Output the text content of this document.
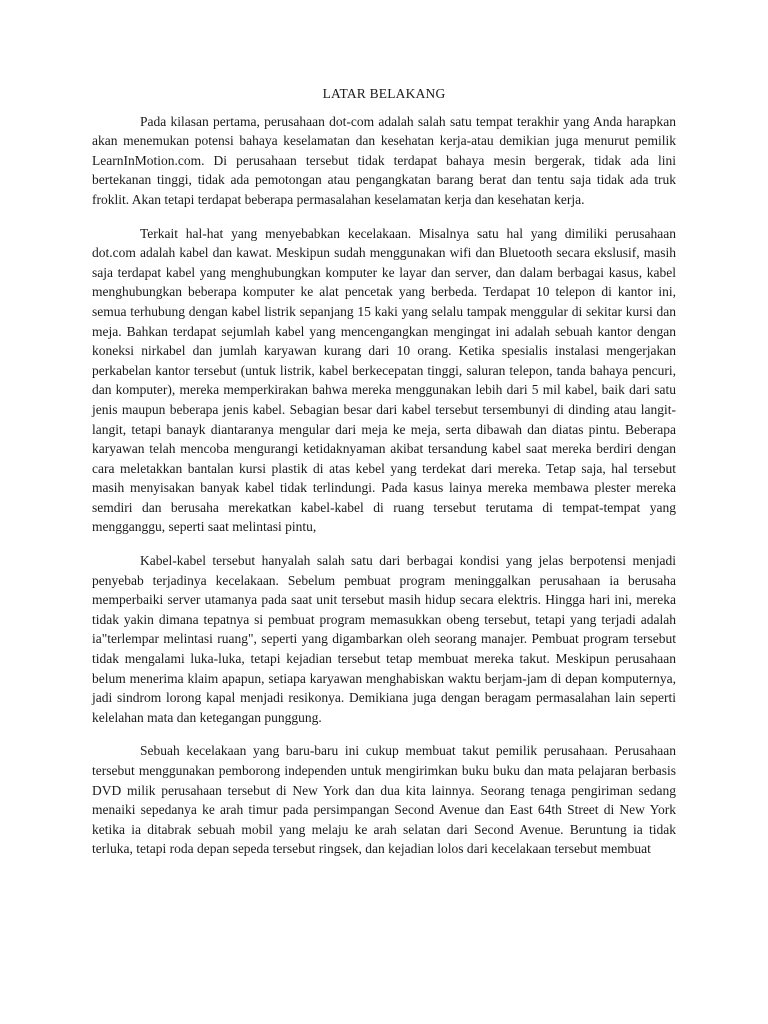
LATAR BELAKANG

Pada kilasan pertama, perusahaan dot-com adalah salah satu tempat terakhir yang Anda harapkan akan menemukan potensi bahaya keselamatan dan kesehatan kerja-atau demikian juga menurut pemilik LearnInMotion.com. Di perusahaan tersebut tidak terdapat bahaya mesin bergerak, tidak ada lini bertekanan tinggi, tidak ada pemotongan atau pengangkatan barang berat dan tentu saja tidak ada truk froklit. Akan tetapi terdapat beberapa permasalahan keselamatan kerja dan kesehatan kerja.

Terkait hal-hat yang menyebabkan kecelakaan. Misalnya satu hal yang dimiliki perusahaan dot.com adalah kabel dan kawat. Meskipun sudah menggunakan wifi dan Bluetooth secara ekslusif, masih saja terdapat kabel yang menghubungkan komputer ke layar dan server, dan dalam berbagai kasus, kabel menghubungkan beberapa komputer ke alat pencetak yang berbeda. Terdapat 10 telepon di kantor ini, semua terhubung dengan kabel listrik sepanjang 15 kaki yang selalu tampak menggular di sekitar kursi dan meja. Bahkan terdapat sejumlah kabel yang mencengangkan mengingat ini adalah sebuah kantor dengan koneksi nirkabel dan jumlah karyawan kurang dari 10 orang. Ketika spesialis instalasi mengerjakan perkabelan kantor tersebut (untuk listrik, kabel berkecepatan tinggi, saluran telepon, tanda bahaya pencuri, dan komputer), mereka memperkirakan bahwa mereka menggunakan lebih dari 5 mil kabel, baik dari satu jenis maupun beberapa jenis kabel. Sebagian besar dari kabel tersebut tersembunyi di dinding atau langit-langit, tetapi banayk diantaranya mengular dari meja ke meja, serta dibawah dan diatas pintu. Beberapa karyawan telah mencoba mengurangi ketidaknyaman akibat tersandung kabel saat mereka berdiri dengan cara meletakkan bantalan kursi plastik di atas kebel yang terdekat dari mereka. Tetap saja, hal tersebut masih menyisakan banyak kabel tidak terlindungi. Pada kasus lainya mereka membawa plester mereka semdiri dan berusaha merekatkan kabel-kabel di ruang tersebut terutama di tempat-tempat yang mengganggu, seperti saat melintasi pintu,

Kabel-kabel tersebut hanyalah salah satu dari berbagai kondisi yang jelas berpotensi menjadi penyebab terjadinya kecelakaan. Sebelum pembuat program meninggalkan perusahaan ia berusaha memperbaiki server utamanya pada saat unit tersebut masih hidup secara elektris. Hingga hari ini, mereka tidak yakin dimana tepatnya si pembuat program memasukkan obeng tersebut, tetapi yang terjadi adalah ia"terlempar melintasi ruang", seperti yang digambarkan oleh seorang manajer. Pembuat program tersebut tidak mengalami luka-luka, tetapi kejadian tersebut tetap membuat mereka takut. Meskipun perusahaan belum menerima klaim apapun, setiapa karyawan menghabiskan waktu berjam-jam di depan komputernya, jadi sindrom lorong kapal menjadi resikonya. Demikiana juga dengan beragam permasalahan lain seperti kelelahan mata dan ketegangan punggung.

Sebuah kecelakaan yang baru-baru ini cukup membuat takut pemilik perusahaan. Perusahaan tersebut menggunakan pemborong independen untuk mengirimkan buku buku dan mata pelajaran berbasis DVD milik perusahaan tersebut di New York dan dua kita lainnya. Seorang tenaga pengiriman sedang menaiki sepedanya ke arah timur pada persimpangan Second Avenue dan East 64th Street di New York ketika ia ditabrak sebuah mobil yang melaju ke arah selatan dari Second Avenue. Beruntung ia tidak terluka, tetapi roda depan sepeda tersebut ringsek, dan kejadian lolos dari kecelakaan tersebut membuat
